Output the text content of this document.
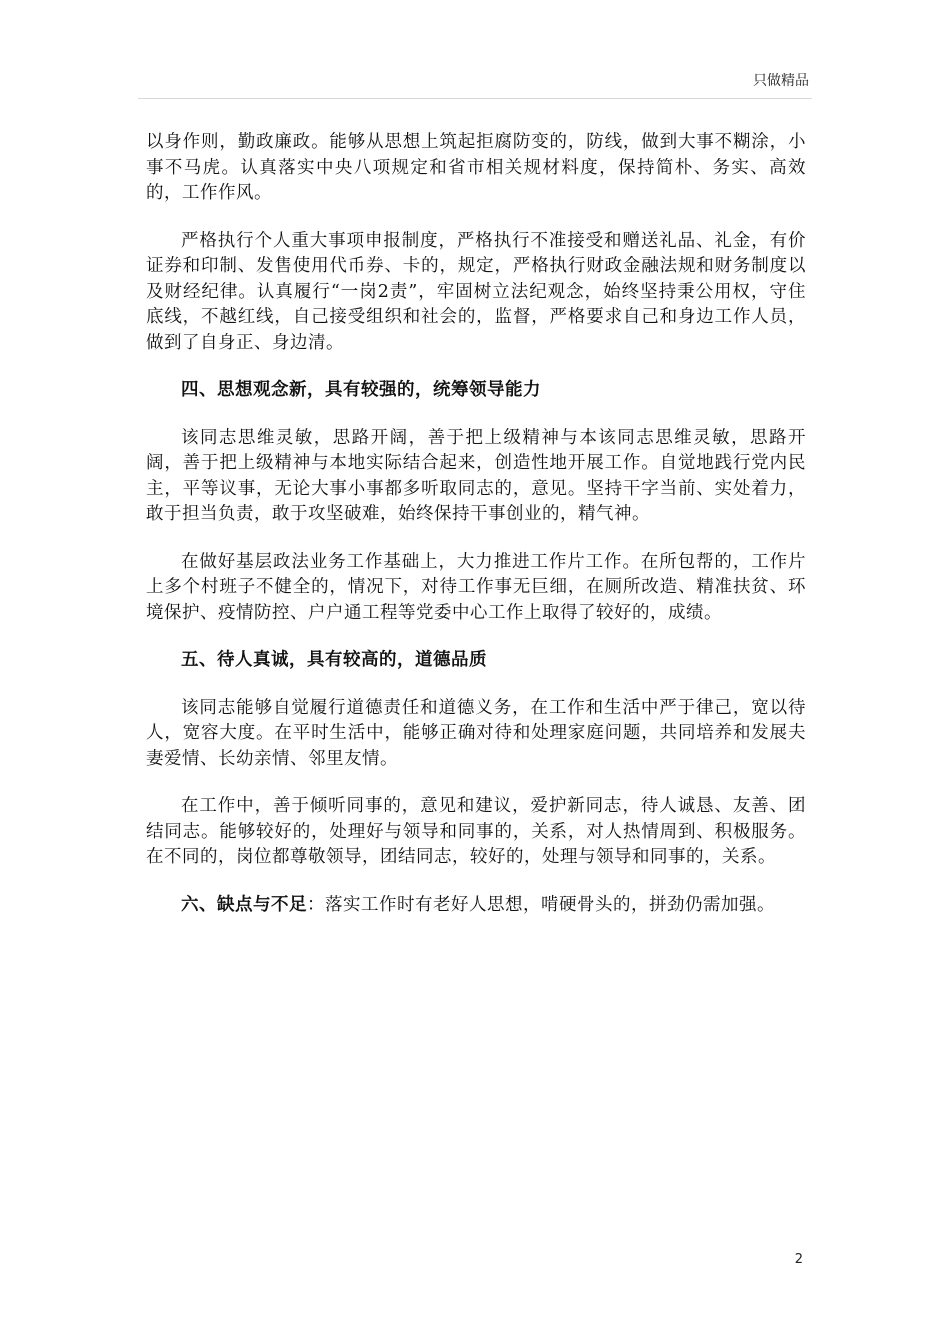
只做精品

以身作则，勤政廉政。能够从思想上筑起拒腐防变的，防线，做到大事不糊涂，小事不马虎。认真落实中央八项规定和省市相关规材料度，保持简朴、务实、高效的，工作作风。

严格执行个人重大事项申报制度，严格执行不准接受和赠送礼品、礼金，有价证券和印制、发售使用代币券、卡的，规定，严格执行财政金融法规和财务制度以及财经纪律。认真履行“一岗2责”，牢固树立法纪观念，始终坚持秉公用权，守住底线，不越红线，自己接受组织和社会的，监督，严格要求自己和身边工作人员，做到了自身正、身边清。

四、思想观念新，具有较强的，统筹领导能力

该同志思维灵敏，思路开阔，善于把上级精神与本该同志思维灵敏，思路开阔，善于把上级精神与本地实际结合起来，创造性地开展工作。自觉地践行党内民主，平等议事，无论大事小事都多听取同志的，意见。坚持干字当前、实处着力，敢于担当负责，敢于攻坚破难，始终保持干事创业的，精气神。

在做好基层政法业务工作基础上，大力推进工作片工作。在所包帮的，工作片上多个村班子不健全的，情况下，对待工作事无巨细，在厕所改造、精准扶贫、环境保护、疫情防控、户户通工程等党委中心工作上取得了较好的，成绩。

五、待人真诚，具有较高的，道德品质

该同志能够自觉履行道德责任和道德义务，在工作和生活中严于律己，宽以待人，宽容大度。在平时生活中，能够正确对待和处理家庭问题，共同培养和发展夫妻爱情、长幼亲情、邻里友情。

在工作中，善于倾听同事的，意见和建议，爱护新同志，待人诚恳、友善、团结同志。能够较好的，处理好与领导和同事的，关系，对人热情周到、积极服务。在不同的，岗位都尊敬领导，团结同志，较好的，处理与领导和同事的，关系。

六、缺点与不足：落实工作时有老好人思想，啃硬骨头的，拼劲仍需加强。

2
